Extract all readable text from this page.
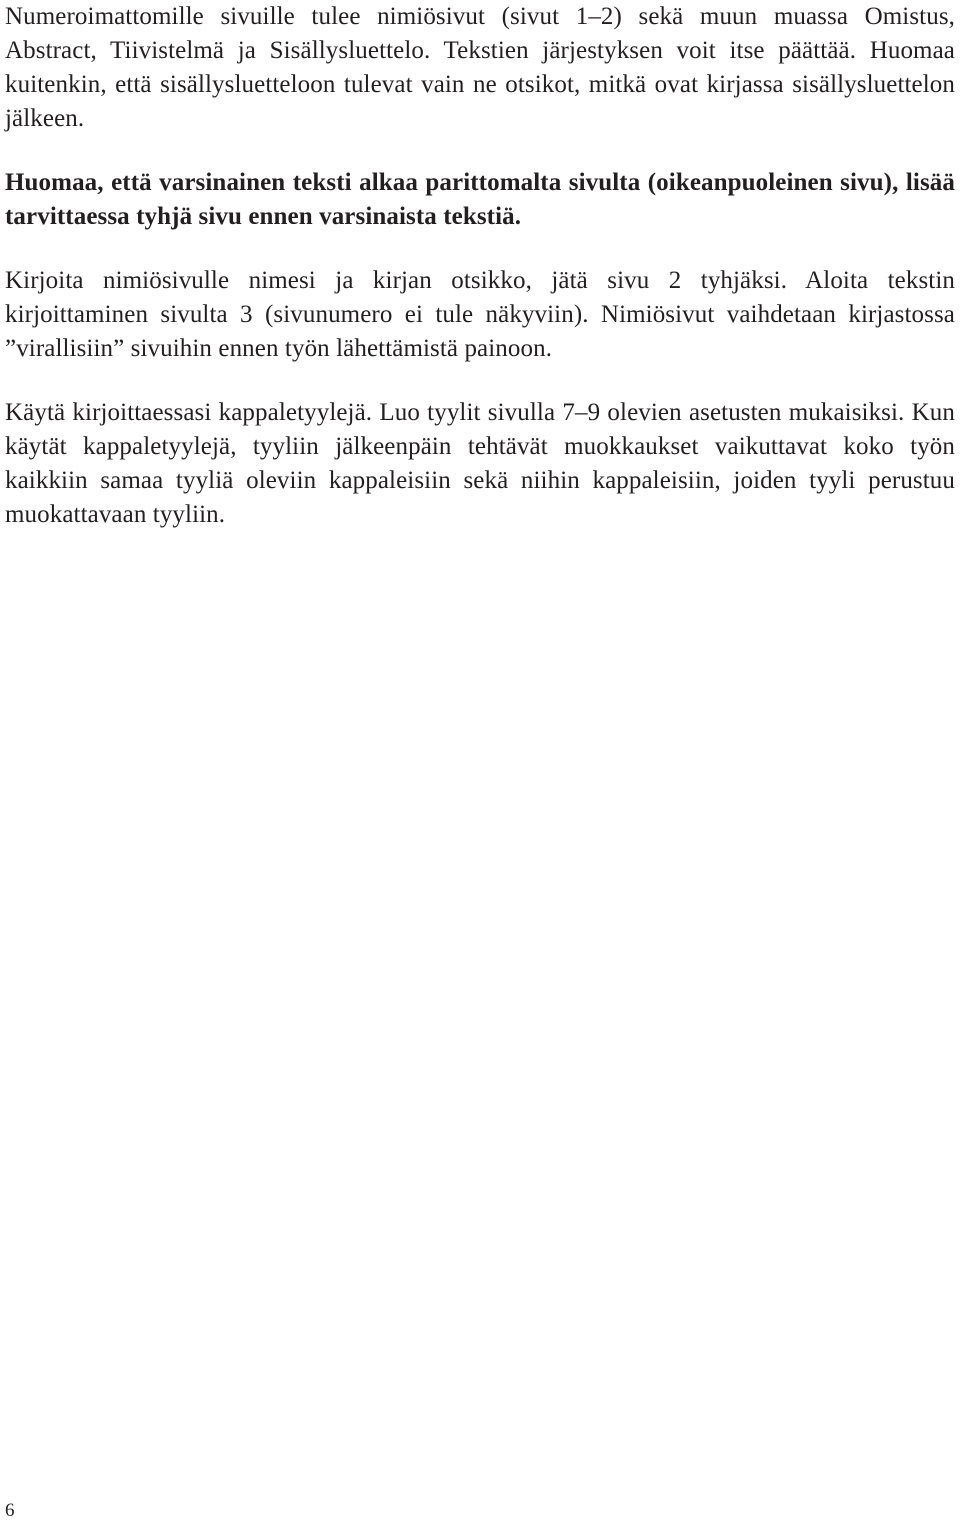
Numeroimattomille sivuille tulee nimiösivut (sivut 1–2) sekä muun muassa Omistus, Abstract, Tiivistelmä ja Sisällysluettelo. Tekstien järjestyksen voit itse päättää. Huomaa kuitenkin, että sisällysluetteloon tulevat vain ne otsikot, mitkä ovat kirjassa sisällysluettelon jälkeen.

Huomaa, että varsinainen teksti alkaa parittomalta sivulta (oikeanpuoleinen sivu), lisää tarvittaessa tyhjä sivu ennen varsinaista tekstiä.

Kirjoita nimiösivulle nimesi ja kirjan otsikko, jätä sivu 2 tyhjäksi. Aloita tekstin kirjoittaminen sivulta 3 (sivunumero ei tule näkyviin). Nimiösivut vaihdetaan kirjastossa ”virallisiin” sivuihin ennen työn lähettämistä painoon.

Käytä kirjoittaessasi kappaletyylejä. Luo tyylit sivulla 7–9 olevien asetusten mukaisiksi. Kun käytät kappaletyylejä, tyyliin jälkeenpäin tehtävät muokkaukset vaikuttavat koko työn kaikkiin samaa tyyliä oleviin kappaleisiin sekä niihin kappaleisiin, joiden tyyli perustuu muokattavaan tyyliin.

6
